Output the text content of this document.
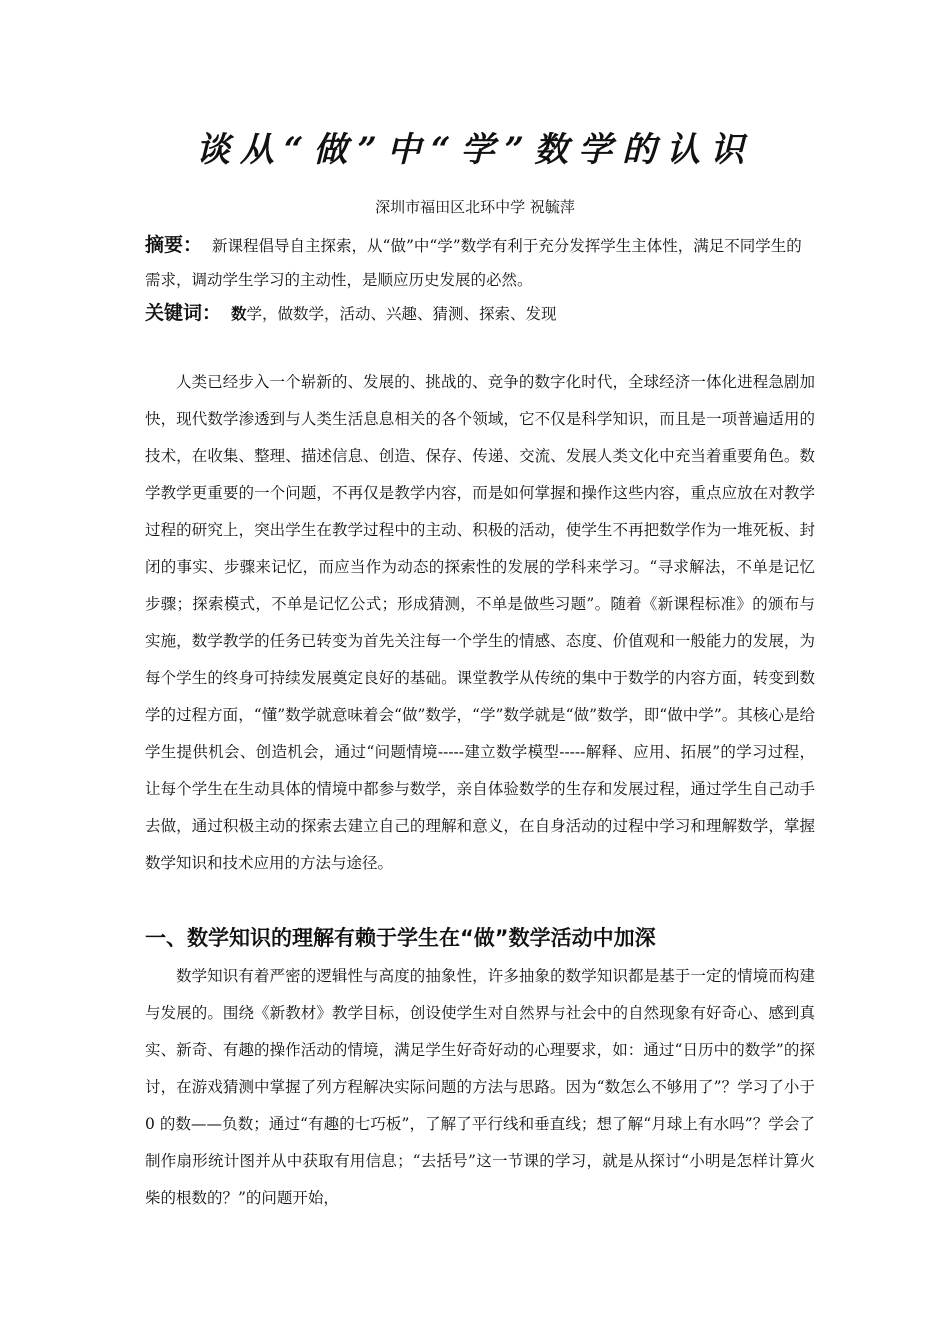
谈从“做”中“学”数学的认识
深圳市福田区北环中学 祝毓萍
摘要： 新课程倡导自主探索，从“做”中“学”数学有利于充分发挥学生主体性，满足不同学生的需求，调动学生学习的主动性，是顺应历史发展的必然。
关键词： 数学，做数学，活动、兴趣、猜测、探索、发现
人类已经步入一个崭新的、发展的、挑战的、竞争的数字化时代，全球经济一体化进程急剧加快，现代数学渗透到与人类生活息息相关的各个领域，它不仅是科学知识，而且是一项普遍适用的技术，在收集、整理、描述信息、创造、保存、传递、交流、发展人类文化中充当着重要角色。数学教学更重要的一个问题，不再仅是教学内容，而是如何掌握和操作这些内容，重点应放在对教学过程的研究上，突出学生在教学过程中的主动、积极的活动，使学生不再把数学作为一堆死板、封闭的事实、步骤来记忆，而应当作为动态的探索性的发展的学科来学习。“寻求解法，不单是记忆步骤；探索模式，不单是记忆公式；形成猜测，不单是做些习题”。随着《新课程标准》的颁布与实施，数学教学的任务已转变为首先关注每一个学生的情感、态度、价值观和一般能力的发展，为每个学生的终身可持续发展奠定良好的基础。课堂教学从传统的集中于数学的内容方面，转变到数学的过程方面，“懂”数学就意味着会“做”数学，“学”数学就是“做”数学，即“做中学”。其核心是给学生提供机会、创造机会，通过“问题情境-----建立数学模型-----解释、应用、拓展”的学习过程，让每个学生在生动具体的情境中都参与数学，亲自体验数学的生存和发展过程，通过学生自己动手去做，通过积极主动的探索去建立自己的理解和意义，在自身活动的过程中学习和理解数学，掌握数学知识和技术应用的方法与途径。
一、数学知识的理解有赖于学生在“做”数学活动中加深
数学知识有着严密的逻辑性与高度的抽象性，许多抽象的数学知识都是基于一定的情境而构建与发展的。围绕《新教材》教学目标，创设使学生对自然界与社会中的自然现象有好奇心、感到真实、新奇、有趣的操作活动的情境，满足学生好奇好动的心理要求，如：通过“日历中的数学”的探讨，在游戏猜测中掌握了列方程解决实际问题的方法与思路。因为“数怎么不够用了”？学习了小于 0 的数——负数；通过“有趣的七巧板”，了解了平行线和垂直线；想了解“月球上有水吗”？学会了制作扇形统计图并从中获取有用信息；“去括号”这一节课的学习，就是从探讨“小明是怎样计算火柴的根数的？”的问题开始，
